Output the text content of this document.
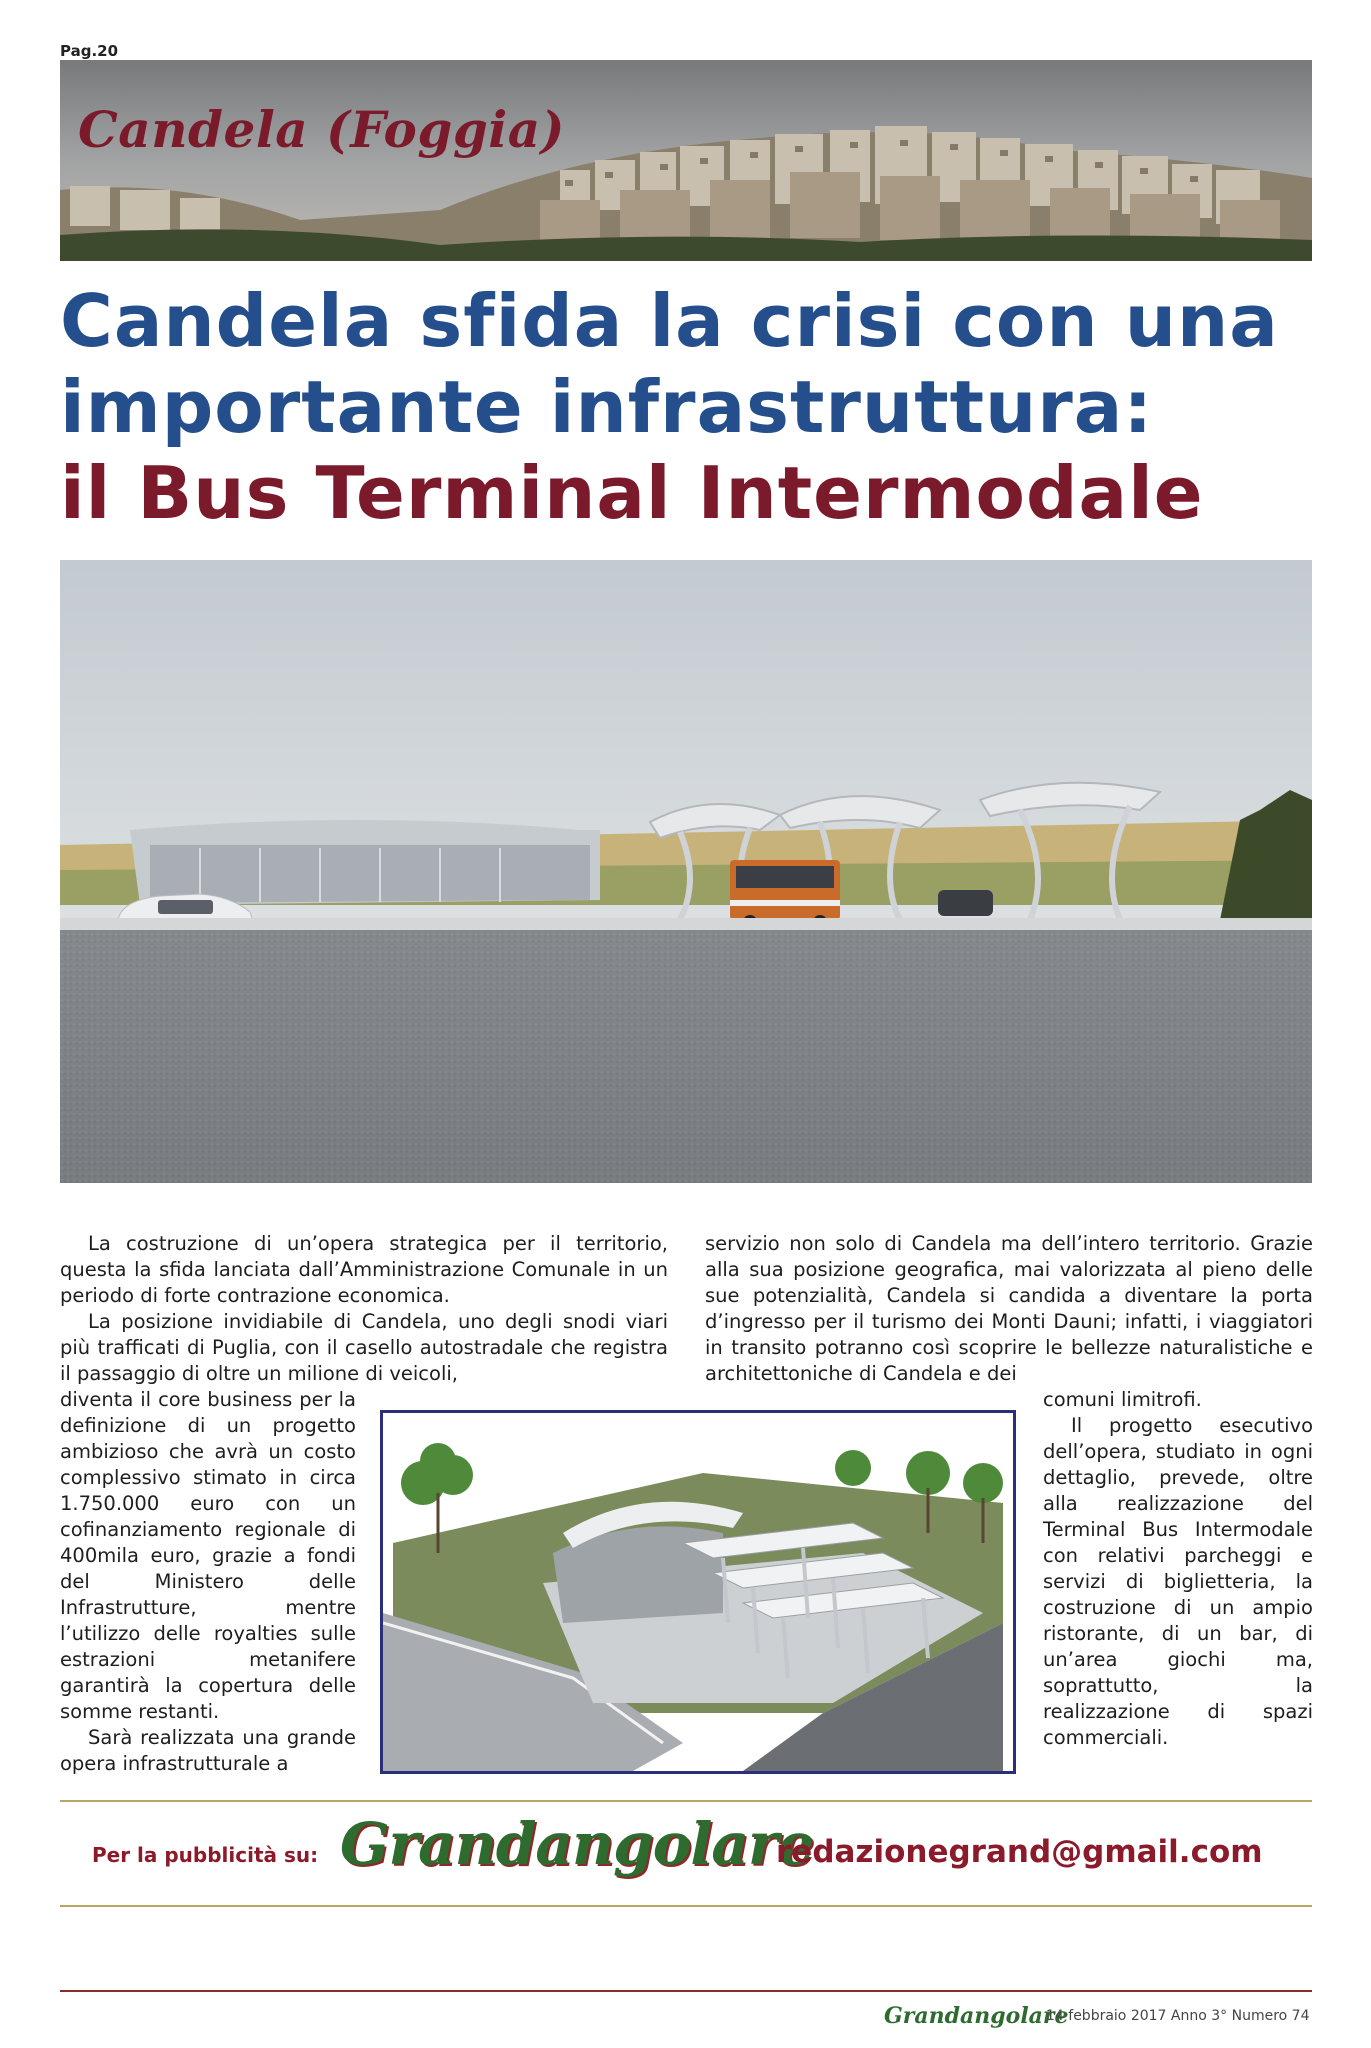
Pag.20
Candela (Foggia)
Candela sfida la crisi con una
importante infrastruttura:
il Bus Terminal Intermodale

La costruzione di un’opera strategica per il territorio, questa la sfida lanciata dall’Amministrazione Comunale in un periodo di forte contrazione economica.

La posizione invidiabile di Candela, uno degli snodi viari più trafficati di Puglia, con il casello autostradale che registra il passaggio di oltre un milione di veicoli,

diventa il core business per la definizione di un progetto ambizioso che avrà un costo complessivo stimato in circa 1.750.000 euro con un cofinanziamento regionale di 400mila euro, grazie a fondi del Ministero delle Infrastrutture, mentre l’utilizzo delle royalties sulle estrazioni metanifere garantirà la copertura delle somme restanti.

Sarà realizzata una grande opera infrastrutturale a

servizio non solo di Candela ma dell’intero territorio. Grazie alla sua posizione geografica, mai valorizzata al pieno delle sue potenzialità, Candela si candida a diventare la porta d’ingresso per il turismo dei Monti Dauni; infatti, i viaggiatori in transito potranno così scoprire le bellezze naturalistiche e architettoniche di Candela e dei

comuni limitrofi.

Il progetto esecutivo dell’opera, studiato in ogni dettaglio, prevede, oltre alla realizzazione del Terminal Bus Intermodale con relativi parcheggi e servizi di biglietteria, la costruzione di un ampio ristorante, di un bar, di un’area giochi ma, soprattutto, la realizzazione di spazi commerciali.

Per la pubblicità su: Grandangolare
redazionegrand@gmail.com
Grandangolare
14 febbraio 2017 Anno 3° Numero 74
